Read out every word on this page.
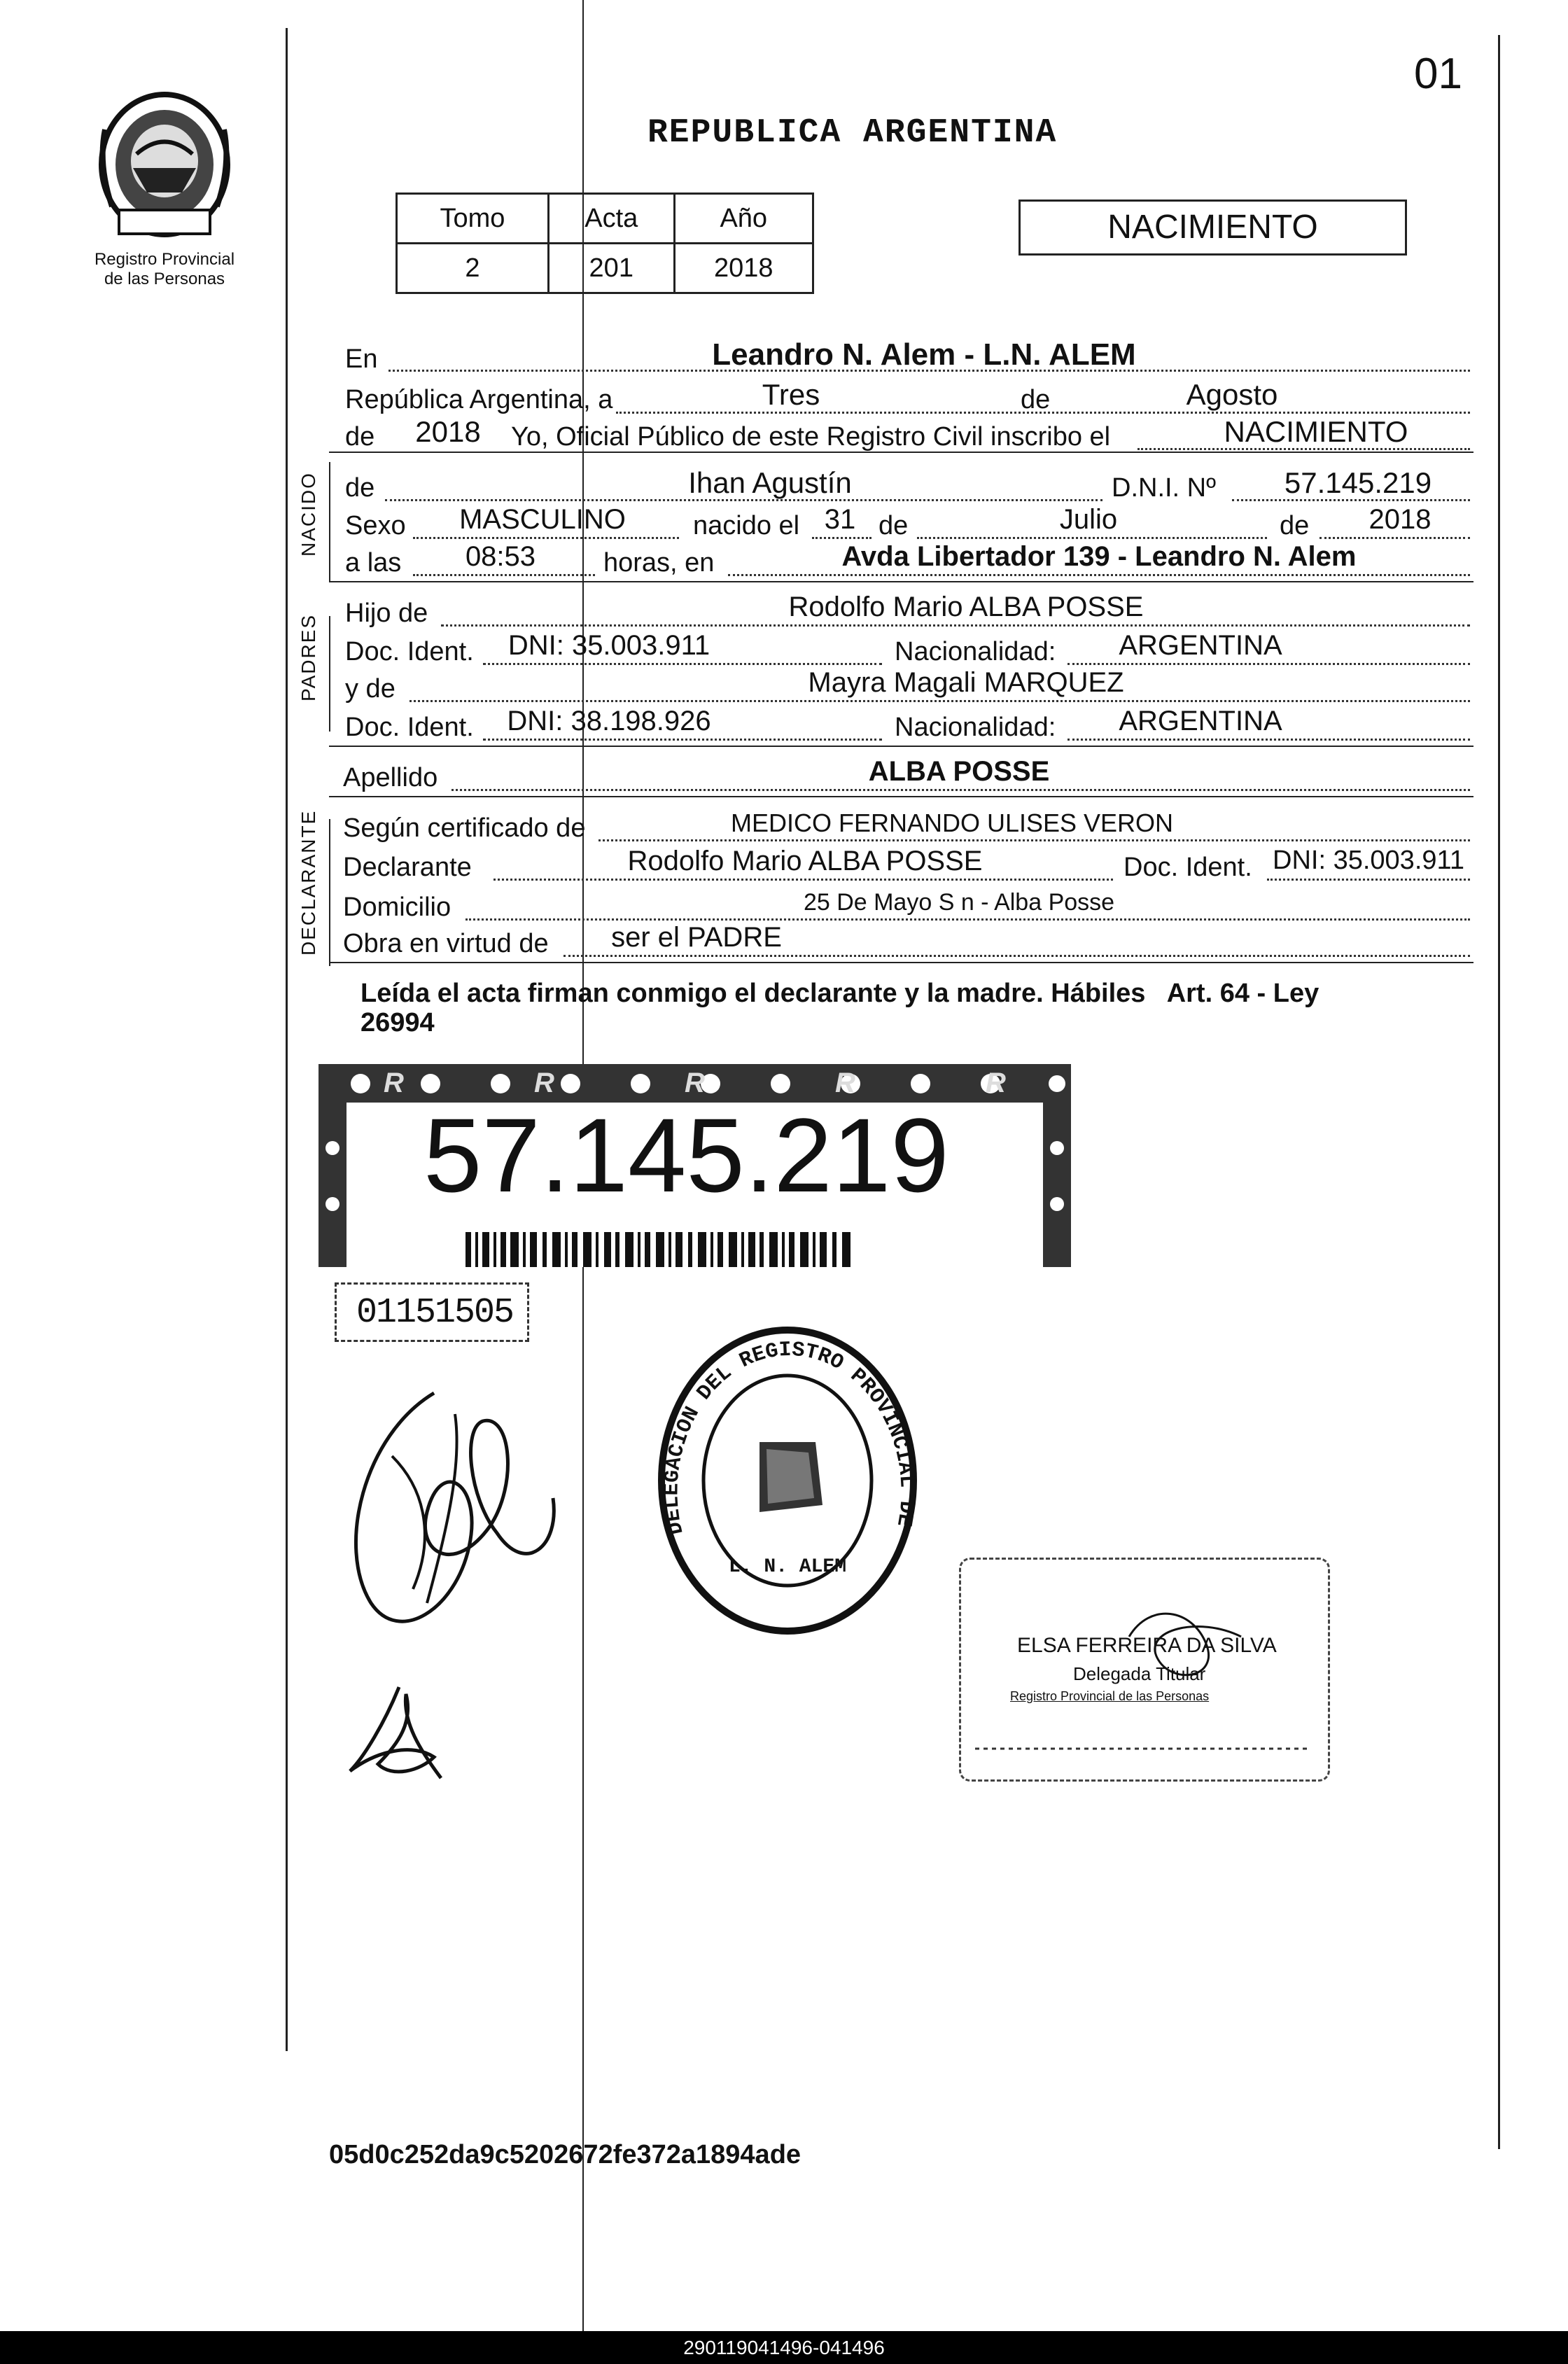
01
Registro Provincial
de las Personas
REPUBLICA ARGENTINA
Tomo	Acta	Año
2	201	2018
NACIMIENTO
En	Leandro N. Alem - L.N. ALEM
República Argentina, a	Tres	de	Agosto
de	2018	Yo, Oficial Público de este Registro Civil inscribo el	NACIMIENTO
NACIDO de	Ihan Agustín	D.N.I. Nº	57.145.219
Sexo	MASCULINO	nacido el 31 de	Julio	de	2018
a las	08:53	horas, en	Avda Libertador 139 - Leandro N. Alem
PADRES
Hijo de	Rodolfo Mario ALBA POSSE
Doc. Ident.	DNI: 35.003.911	Nacionalidad:	ARGENTINA
y de	Mayra Magali MARQUEZ
Doc. Ident.	DNI: 38.198.926	Nacionalidad:	ARGENTINA
Apellido	ALBA POSSE
DECLARANTE Según certificado de	MEDICO FERNANDO ULISES VERON
Declarante	Rodolfo Mario ALBA POSSE	Doc. Ident. DNI: 35.003.911
Domicilio	25 De Mayo S n - Alba Posse
Obra en virtud de	ser el PADRE
Leída el acta firman conmigo el declarante y la madre. Hábiles   Art. 64 - Ley
26994
R	R	R	R	R
57.145.219
01151505
DELEGACION DEL REGISTRO PROVINCIAL DE
L. N. ALEM
ELSA FERREIRA DA SILVA
Delegada Titular
Registro Provincial de las Personas
05d0c252da9c5202672fe372a1894ade
290119041496-041496
